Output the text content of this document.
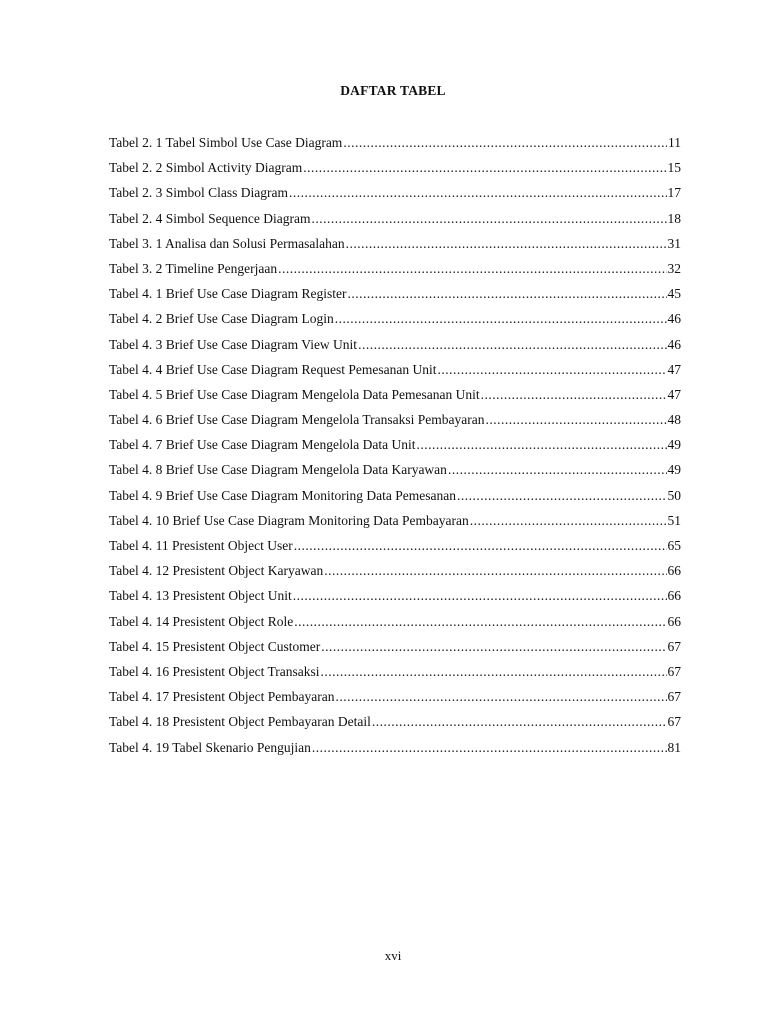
DAFTAR TABEL
Tabel 2. 1 Tabel Simbol Use Case Diagram .....	11
Tabel 2. 2 Simbol Activity Diagram .....	15
Tabel 2. 3 Simbol Class Diagram .....	17
Tabel 2. 4 Simbol Sequence Diagram .....	18
Tabel 3. 1 Analisa dan Solusi Permasalahan .....	31
Tabel 3. 2 Timeline Pengerjaan .....	32
Tabel 4. 1 Brief Use Case Diagram Register .....	45
Tabel 4. 2 Brief Use Case Diagram Login .....	46
Tabel 4. 3 Brief Use Case Diagram View Unit .....	46
Tabel 4. 4 Brief Use Case Diagram Request Pemesanan Unit .....	47
Tabel 4. 5 Brief Use Case Diagram Mengelola Data Pemesanan Unit .....	47
Tabel 4. 6 Brief Use Case Diagram Mengelola Transaksi Pembayaran .....	48
Tabel 4. 7 Brief Use Case Diagram Mengelola Data Unit .....	49
Tabel 4. 8 Brief Use Case Diagram Mengelola Data Karyawan .....	49
Tabel 4. 9 Brief Use Case Diagram Monitoring Data Pemesanan .....	50
Tabel 4. 10 Brief Use Case Diagram Monitoring Data Pembayaran .....	51
Tabel 4. 11 Presistent Object User .....	65
Tabel 4. 12 Presistent Object Karyawan .....	66
Tabel 4. 13 Presistent Object Unit .....	66
Tabel 4. 14 Presistent Object Role .....	66
Tabel 4. 15 Presistent Object Customer .....	67
Tabel 4. 16 Presistent Object Transaksi .....	67
Tabel 4. 17 Presistent Object Pembayaran .....	67
Tabel 4. 18 Presistent Object Pembayaran Detail .....	67
Tabel 4. 19 Tabel Skenario Pengujian .....	81
xvi
